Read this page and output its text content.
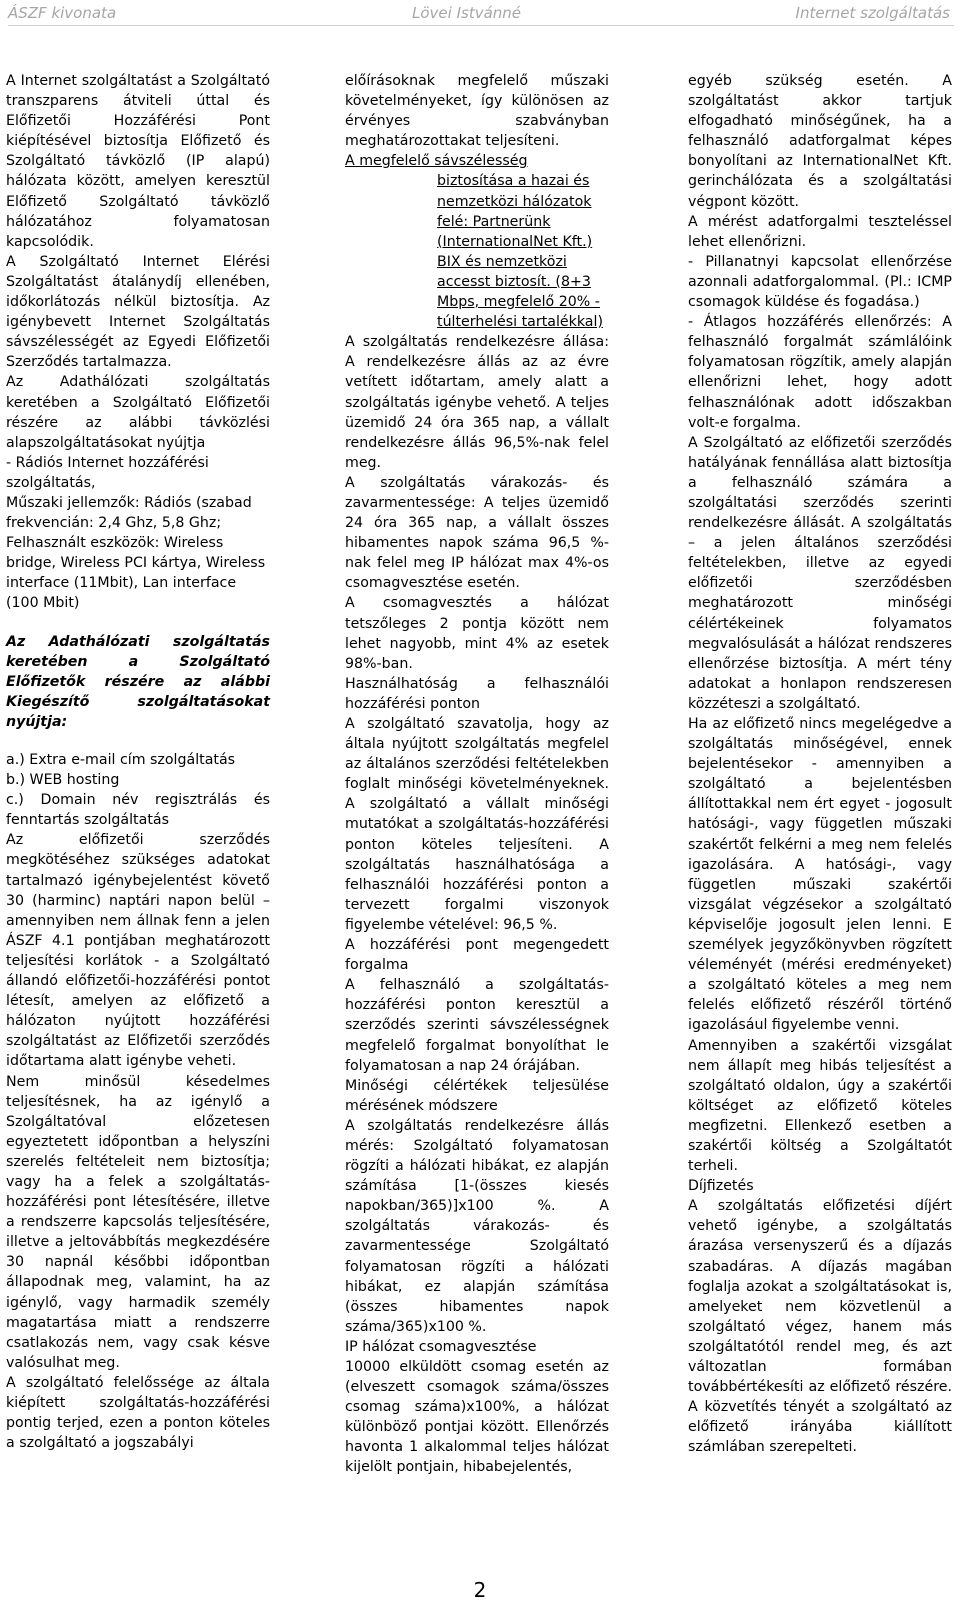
ÁSZF kivonata	Lövei Istvánné	Internet szolgáltatás

A Internet szolgáltatást a Szolgáltató transzparens átviteli úttal és Előfizetői Hozzáférési Pont kiépítésével biztosítja Előfizető és Szolgáltató távközlő (IP alapú) hálózata között, amelyen keresztül Előfizető Szolgáltató távközlő hálózatához folyamatosan kapcsolódik.

A Szolgáltató Internet Elérési Szolgáltatást átalánydíj ellenében, időkorlátozás nélkül biztosítja. Az igénybevett Internet Szolgáltatás sávszélességét az Egyedi Előfizetői Szerződés tartalmazza.

Az Adathálózati szolgáltatás keretében a Szolgáltató Előfizetői részére az alábbi távközlési alapszolgáltatásokat nyújtja

- Rádiós Internet hozzáférési szolgáltatás,

Műszaki jellemzők: Rádiós (szabad frekvencián: 2,4 Ghz, 5,8 Ghz; Felhasznált eszközök: Wireless bridge, Wireless PCI kártya, Wireless interface (11Mbit), Lan interface (100 Mbit)

Az Adathálózati szolgáltatás keretében a Szolgáltató Előfizetők részére az alábbi Kiegészítő szolgáltatásokat nyújtja:

a.) Extra e-mail cím szolgáltatás

b.) WEB hosting

c.) Domain név regisztrálás és fenntartás szolgáltatás

Az előfizetői szerződés megkötéséhez szükséges adatokat tartalmazó igénybejelentést követő 30 (harminc) naptári napon belül – amennyiben nem állnak fenn a jelen ÁSZF 4.1 pontjában meghatározott teljesítési korlátok - a Szolgáltató állandó előfizetői-hozzáférési pontot létesít, amelyen az előfizető a hálózaton nyújtott hozzáférési szolgáltatást az Előfizetői szerződés időtartama alatt igénybe veheti.

Nem minősül késedelmes teljesítésnek, ha az igénylő a Szolgáltatóval előzetesen egyeztetett időpontban a helyszíni szerelés feltételeit nem biztosítja; vagy ha a felek a szolgáltatás-hozzáférési pont létesítésére, illetve a rendszerre kapcsolás teljesítésére, illetve a jeltovábbítás megkezdésére 30 napnál későbbi időpontban állapodnak meg, valamint, ha az igénylő, vagy harmadik személy magatartása miatt a rendszerre csatlakozás nem, vagy csak késve valósulhat meg.

A szolgáltató felelőssége az általa kiépített szolgáltatás-hozzáférési pontig terjed, ezen a ponton köteles a szolgáltató a jogszabályi

előírásoknak megfelelő műszaki követelményeket, így különösen az érvényes szabványban meghatározottakat teljesíteni.

A megfelelő sávszélesség

biztosítása a hazai és nemzetközi hálózatok felé: Partnerünk (InternationalNet Kft.) BIX és nemzetközi accesst biztosít. (8+3 Mbps, megfelelő 20% - túlterhelési tartalékkal)

A szolgáltatás rendelkezésre állása: A rendelkezésre állás az az évre vetített időtartam, amely alatt a szolgáltatás igénybe vehető. A teljes üzemidő 24 óra 365 nap, a vállalt rendelkezésre állás 96,5%-nak felel meg.

A szolgáltatás várakozás- és zavarmentessége: A teljes üzemidő 24 óra 365 nap, a vállalt összes hibamentes napok száma 96,5 %-nak felel meg IP hálózat max 4%-os csomagvesztése esetén.

A csomagvesztés a hálózat tetszőleges 2 pontja között nem lehet nagyobb, mint 4% az esetek 98%-ban.

Használhatóság a felhasználói hozzáférési ponton

A szolgáltató szavatolja, hogy az általa nyújtott szolgáltatás megfelel az általános szerződési feltételekben foglalt minőségi követelményeknek. A szolgáltató a vállalt minőségi mutatókat a szolgáltatás-hozzáférési ponton köteles teljesíteni. A szolgáltatás használhatósága a felhasználói hozzáférési ponton a tervezett forgalmi viszonyok figyelembe vételével: 96,5 %.

A hozzáférési pont megengedett forgalma

A felhasználó a szolgáltatás-hozzáférési ponton keresztül a szerződés szerinti sávszélességnek megfelelő forgalmat bonyolíthat le folyamatosan a nap 24 órájában.

Minőségi célértékek teljesülése mérésének módszere

A szolgáltatás rendelkezésre állás mérés: Szolgáltató folyamatosan rögzíti a hálózati hibákat, ez alapján számítása [1-(összes kiesés napokban/365)]x100 %. A szolgáltatás várakozás- és zavarmentessége Szolgáltató folyamatosan rögzíti a hálózati hibákat, ez alapján számítása (összes hibamentes napok száma/365)x100 %.

IP hálózat csomagvesztése

10000 elküldött csomag esetén az (elveszett csomagok száma/összes csomag száma)x100%, a hálózat különböző pontjai között. Ellenőrzés havonta 1 alkalommal teljes hálózat kijelölt pontjain, hibabejelentés,

egyéb szükség esetén. A szolgáltatást akkor tartjuk elfogadható minőségűnek, ha a felhasználó adatforgalmat képes bonyolítani az InternationalNet Kft. gerinchálózata és a szolgáltatási végpont között.

A mérést adatforgalmi teszteléssel lehet ellenőrizni.

- Pillanatnyi kapcsolat ellenőrzése azonnali adatforgalommal. (Pl.: ICMP csomagok küldése és fogadása.)

- Átlagos hozzáférés ellenőrzés: A felhasználó forgalmát számlálóink folyamatosan rögzítik, amely alapján ellenőrizni lehet, hogy adott felhasználónak adott időszakban volt-e forgalma.

A Szolgáltató az előfizetői szerződés hatályának fennállása alatt biztosítja a felhasználó számára a szolgáltatási szerződés szerinti rendelkezésre állását. A szolgáltatás – a jelen általános szerződési feltételekben, illetve az egyedi előfizetői szerződésben meghatározott minőségi célértékeinek folyamatos megvalósulását a hálózat rendszeres ellenőrzése biztosítja. A mért tény adatokat a honlapon rendszeresen közzéteszi a szolgáltató.

Ha az előfizető nincs megelégedve a szolgáltatás minőségével, ennek bejelentésekor - amennyiben a szolgáltató a bejelentésben állítottakkal nem ért egyet - jogosult hatósági-, vagy független műszaki szakértőt felkérni a meg nem felelés igazolására. A hatósági-, vagy független műszaki szakértői vizsgálat végzésekor a szolgáltató képviselője jogosult jelen lenni. E személyek jegyzőkönyvben rögzített véleményét (mérési eredményeket) a szolgáltató köteles a meg nem felelés előfizető részéről történő igazolásául figyelembe venni.

Amennyiben a szakértői vizsgálat nem állapít meg hibás teljesítést a szolgáltató oldalon, úgy a szakértői költséget az előfizető köteles megfizetni. Ellenkező esetben a szakértői költség a Szolgáltatót terheli.

Díjfizetés

A szolgáltatás előfizetési díjért vehető igénybe, a szolgáltatás árazása versenyszerű és a díjazás szabadáras. A díjazás magában foglalja azokat a szolgáltatásokat is, amelyeket nem közvetlenül a szolgáltató végez, hanem más szolgáltatótól rendel meg, és azt változatlan formában továbbértékesíti az előfizető részére. A közvetítés tényét a szolgáltató az előfizető irányába kiállított számlában szerepelteti.

2
